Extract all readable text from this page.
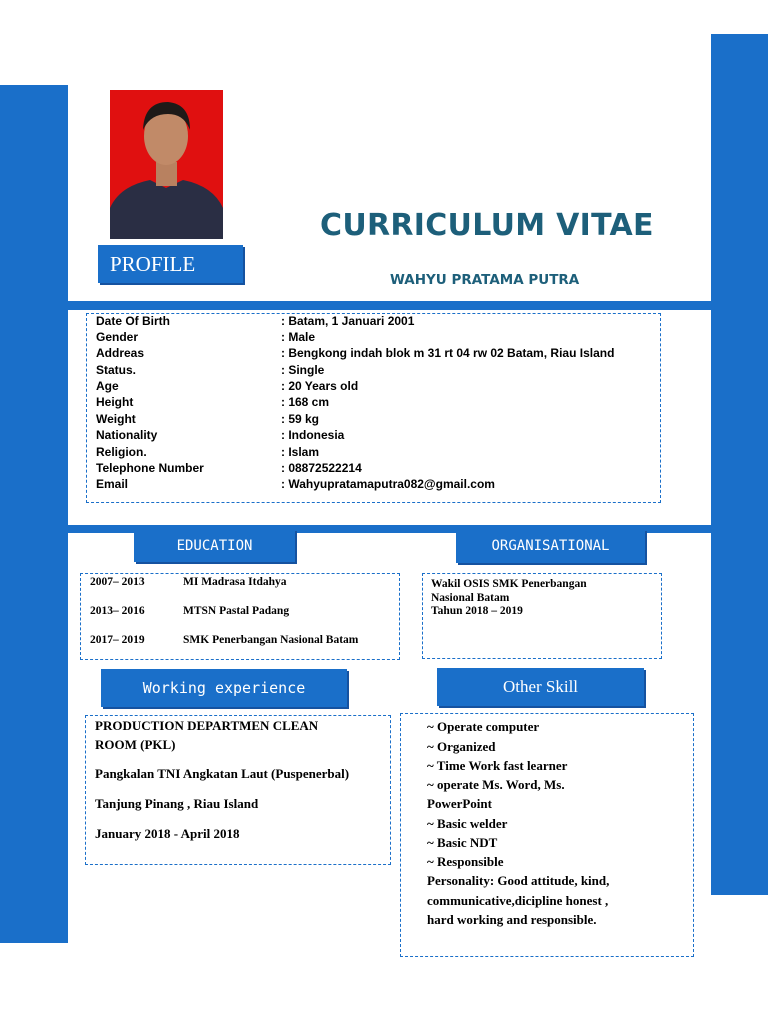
CURRICULUM VITAE
WAHYU PRATAMA PUTRA
PROFILE
Date Of Birth	: Batam, 1 Januari 2001
Gender	: Male
Addreas	: Bengkong indah blok m 31 rt 04 rw 02 Batam, Riau Island
Status.	: Single
Age	: 20 Years old
Height	: 168 cm
Weight	: 59 kg
Nationality	: Indonesia
Religion.	: Islam
Telephone Number	: 08872522214
Email	: Wahyupratamaputra082@gmail.com
EDUCATION	ORGANISATIONAL
2007– 2013	MI Madrasa Itdahya
2013– 2016	MTSN Pastal Padang
2017– 2019	SMK Penerbangan Nasional Batam
Wakil OSIS SMK Penerbangan
Nasional Batam
Tahun 2018 – 2019
Working experience	Other Skill
PRODUCTION DEPARTMEN CLEAN
ROOM (PKL)
Pangkalan TNI Angkatan Laut (Puspenerbal)
Tanjung Pinang , Riau Island
January 2018 - April 2018
~ Operate computer
~ Organized
~ Time Work fast learner
~ operate Ms. Word, Ms.
PowerPoint
~ Basic welder
~ Basic NDT
~ Responsible
Personality: Good attitude, kind,
communicative,dicipline honest ,
hard working and responsible.
